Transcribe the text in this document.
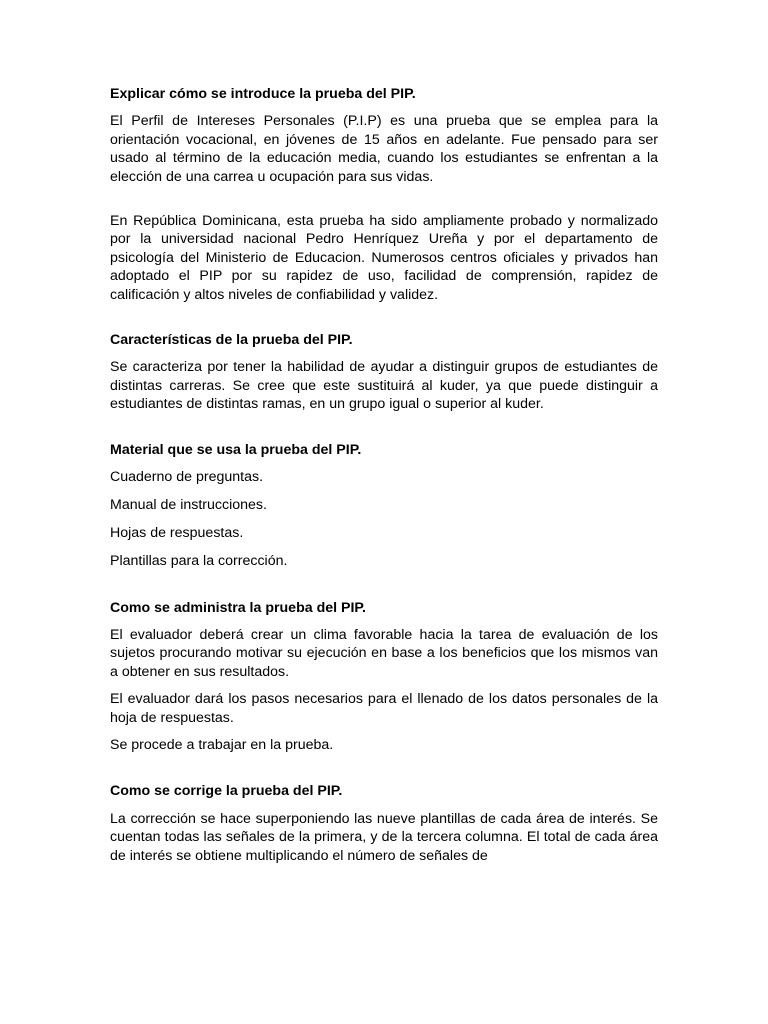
Explicar cómo se introduce la prueba del PIP.

El Perfil de Intereses Personales (P.I.P) es una prueba que se emplea para la orientación vocacional, en jóvenes de 15 años en adelante. Fue pensado para ser usado al término de la educación media, cuando los estudiantes se enfrentan a la elección de una carrea u ocupación para sus vidas.

En República Dominicana, esta prueba ha sido ampliamente probado y normalizado por la universidad nacional Pedro Henríquez Ureña y por el departamento de psicología del Ministerio de Educacion. Numerosos centros oficiales y privados han adoptado el PIP por su rapidez de uso, facilidad de comprensión, rapidez de calificación y altos niveles de confiabilidad y validez.

Características de la prueba del PIP.

Se caracteriza por tener la habilidad de ayudar a distinguir grupos de estudiantes de distintas carreras. Se cree que este sustituirá al kuder, ya que puede distinguir a estudiantes de distintas ramas, en un grupo igual o superior al kuder.

Material que se usa la prueba del PIP.

Cuaderno de preguntas.

Manual de instrucciones.

Hojas de respuestas.

Plantillas para la corrección.

Como se administra la prueba del PIP.

El evaluador deberá crear un clima favorable hacia la tarea de evaluación de los sujetos procurando motivar su ejecución en base a los beneficios que los mismos van a obtener en sus resultados.

El evaluador dará los pasos necesarios para el llenado de los datos personales de la hoja de respuestas.

Se procede a trabajar en la prueba.

Como se corrige la prueba del PIP.

La corrección se hace superponiendo las nueve plantillas de cada área de interés. Se cuentan todas las señales de la primera, y de la tercera columna. El total de cada área de interés se obtiene multiplicando el número de señales de
